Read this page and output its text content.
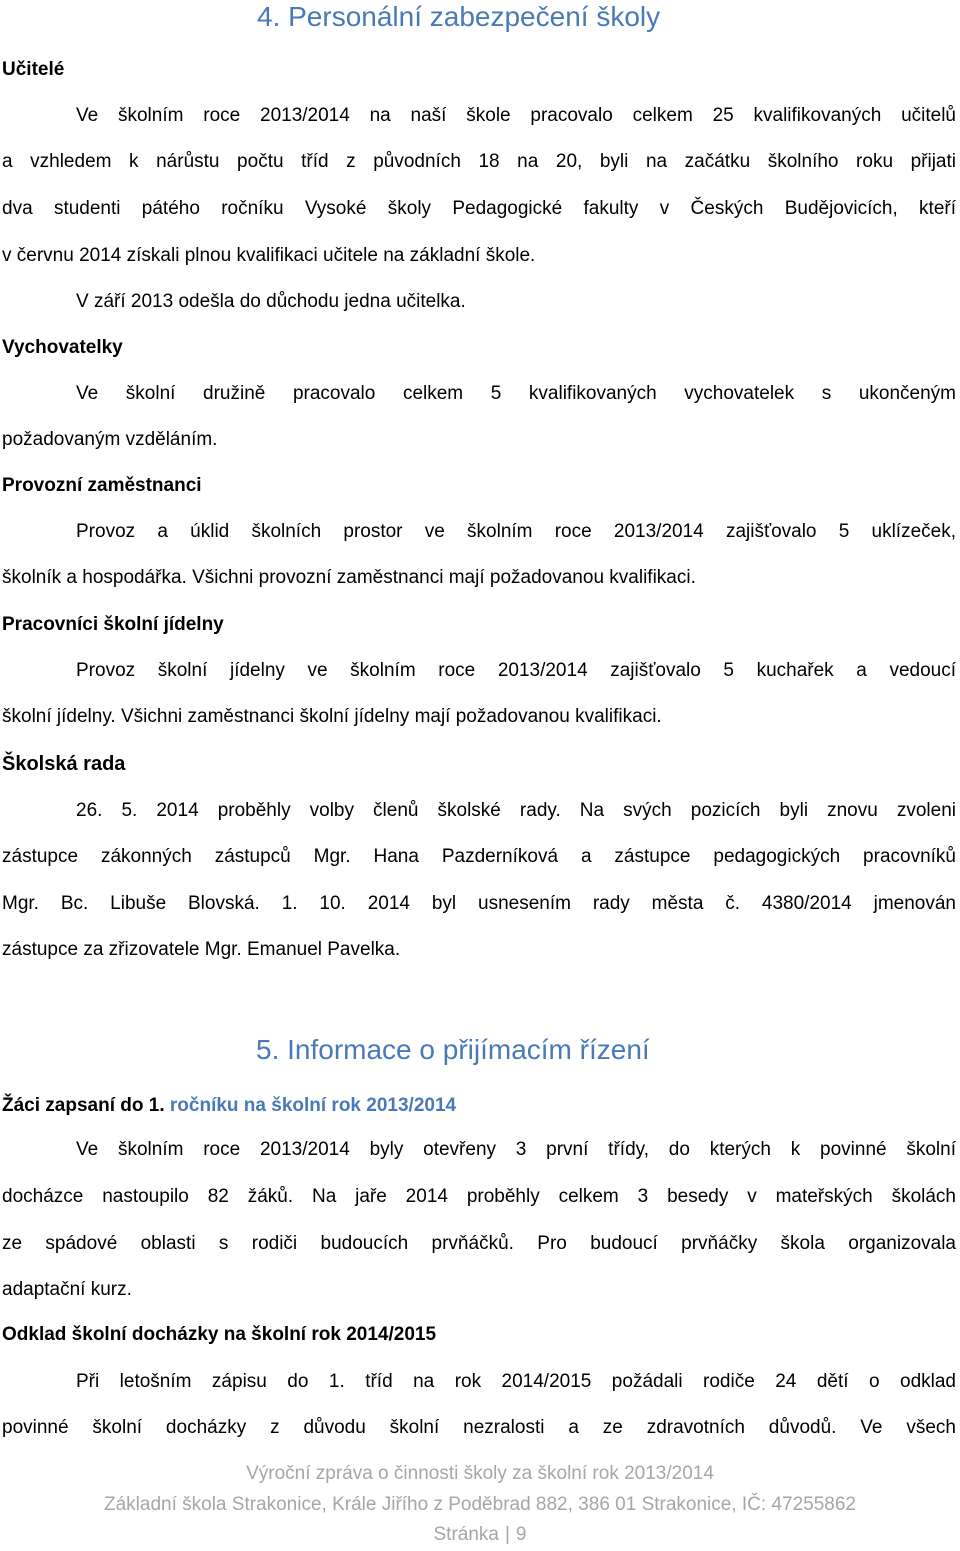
4. Personální zabezpečení školy
Učitelé

Ve školním roce 2013/2014 na naší škole pracovalo celkem 25 kvalifikovaných učitelů

a vzhledem k nárůstu počtu tříd z původních 18 na 20, byli na začátku školního roku přijati

dva studenti pátého ročníku Vysoké školy Pedagogické fakulty v Českých Budějovicích, kteří

v červnu 2014 získali plnou kvalifikaci učitele na základní škole.

V září 2013 odešla do důchodu jedna učitelka.

Vychovatelky

Ve školní družině pracovalo celkem 5 kvalifikovaných vychovatelek s ukončeným

požadovaným vzděláním.

Provozní zaměstnanci

Provoz a úklid školních prostor ve školním roce 2013/2014 zajišťovalo 5 uklízeček,

školník a hospodářka. Všichni provozní zaměstnanci mají požadovanou kvalifikaci.

Pracovníci školní jídelny

Provoz školní jídelny ve školním roce 2013/2014 zajišťovalo 5 kuchařek a vedoucí

školní jídelny. Všichni zaměstnanci školní jídelny mají požadovanou kvalifikaci.

Školská rada

26. 5. 2014 proběhly volby členů školské rady. Na svých pozicích byli znovu zvoleni

zástupce zákonných zástupců Mgr. Hana Pazderníková a zástupce pedagogických pracovníků

Mgr. Bc. Libuše Blovská. 1. 10. 2014 byl usnesením rady města č. 4380/2014 jmenován

zástupce za zřizovatele Mgr. Emanuel Pavelka.

5. Informace o přijímacím řízení
Žáci zapsaní do 1. ročníku na školní rok 2013/2014

Ve školním roce 2013/2014 byly otevřeny 3 první třídy, do kterých k povinné školní

docházce nastoupilo 82 žáků. Na jaře 2014 proběhly celkem 3 besedy v mateřských školách

ze spádové oblasti s rodiči budoucích prvňáčků. Pro budoucí prvňáčky škola organizovala

adaptační kurz.

Odklad školní docházky na školní rok 2014/2015

Při letošním zápisu do 1. tříd na rok 2014/2015 požádali rodiče 24 dětí o odklad

povinné školní docházky z důvodu školní nezralosti a ze zdravotních důvodů. Ve všech

Výroční zpráva o činnosti školy za školní rok 2013/2014
Základní škola Strakonice, Krále Jiřího z Poděbrad 882, 386 01 Strakonice, IČ: 47255862
Stránka | 9
